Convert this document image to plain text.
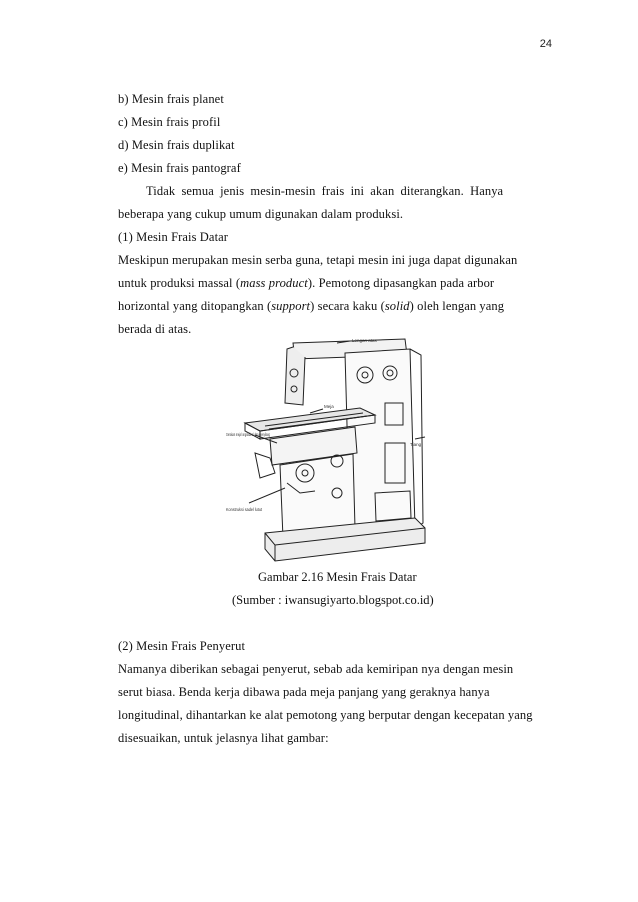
24
b) Mesin frais planet
c) Mesin frais profil
d) Mesin frais duplikat
e) Mesin frais pantograf
Tidak semua jenis mesin-mesin frais ini akan diterangkan. Hanya
beberapa yang cukup umum digunakan dalam produksi.
(1) Mesin Frais Datar
Meskipun merupakan mesin serba guna, tetapi mesin ini juga dapat digunakan
untuk produksi massal (mass product). Pemotong dipasangkan pada arbor
horizontal yang ditopangkan (support) secara kaku (solid) oleh lengan yang
berada di atas.
Lengan atas
Meja
Gerakan meja longitudinal dan menyilang
Tiang
Konstruksi sadel lutut
Gambar 2.16 Mesin Frais Datar
(Sumber : iwansugiyarto.blogspot.co.id)
(2) Mesin Frais Penyerut
Namanya diberikan sebagai penyerut, sebab ada kemiripan nya dengan mesin
serut biasa. Benda kerja dibawa pada meja panjang yang geraknya hanya
longitudinal, dihantarkan ke alat pemotong yang berputar dengan kecepatan yang
disesuaikan, untuk jelasnya lihat gambar:
